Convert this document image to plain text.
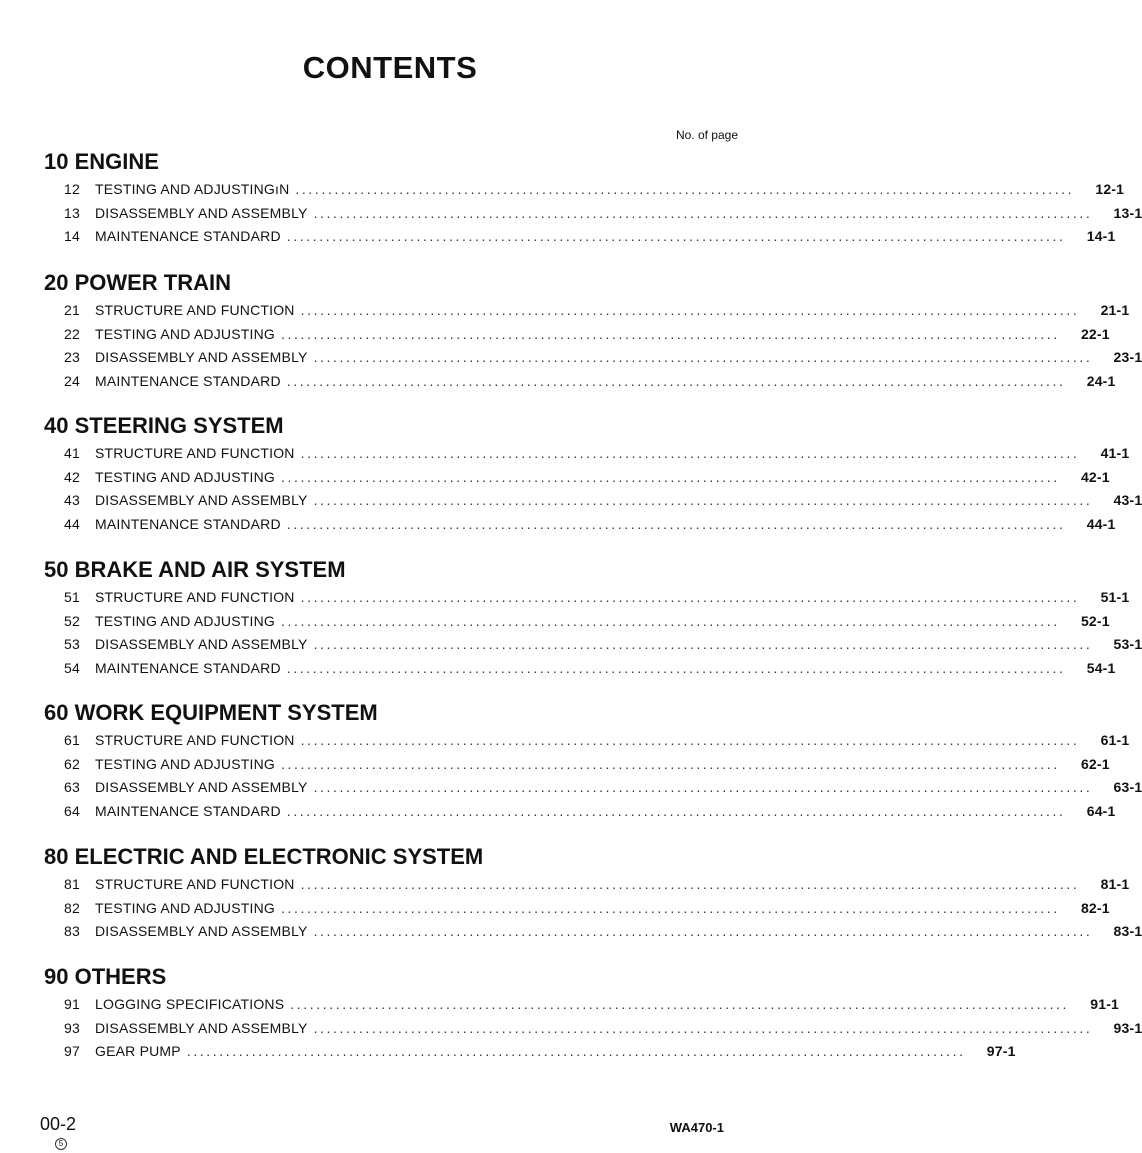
CONTENTS
No. of page
10 ENGINE
12	TESTING AND ADJUSTINGıN ........................................................................................................................	12-1
13	DISASSEMBLY AND ASSEMBLY ........................................................................................................................	13-1
14	MAINTENANCE STANDARD ........................................................................................................................	14-1
20 POWER TRAIN
21	STRUCTURE AND FUNCTION ........................................................................................................................	21-1
22	TESTING AND ADJUSTING ........................................................................................................................	22-1
23	DISASSEMBLY AND ASSEMBLY ........................................................................................................................	23-1
24	MAINTENANCE STANDARD ........................................................................................................................	24-1
40 STEERING SYSTEM
41	STRUCTURE AND FUNCTION ........................................................................................................................	41-1
42	TESTING AND ADJUSTING ........................................................................................................................	42-1
43	DISASSEMBLY AND ASSEMBLY ........................................................................................................................	43-1
44	MAINTENANCE STANDARD ........................................................................................................................	44-1
50 BRAKE AND AIR SYSTEM
51	STRUCTURE AND FUNCTION ........................................................................................................................	51-1
52	TESTING AND ADJUSTING ........................................................................................................................	52-1
53	DISASSEMBLY AND ASSEMBLY ........................................................................................................................	53-1
54	MAINTENANCE STANDARD ........................................................................................................................	54-1
60 WORK EQUIPMENT SYSTEM
61	STRUCTURE AND FUNCTION ........................................................................................................................	61-1
62	TESTING AND ADJUSTING ........................................................................................................................	62-1
63	DISASSEMBLY AND ASSEMBLY ........................................................................................................................	63-1
64	MAINTENANCE STANDARD ........................................................................................................................	64-1
80 ELECTRIC AND ELECTRONIC SYSTEM
81	STRUCTURE AND FUNCTION ........................................................................................................................	81-1
82	TESTING AND ADJUSTING ........................................................................................................................	82-1
83	DISASSEMBLY AND ASSEMBLY ........................................................................................................................	83-1
90 OTHERS
91	LOGGING SPECIFICATIONS ........................................................................................................................	91-1
93	DISASSEMBLY AND ASSEMBLY ........................................................................................................................	93-1
97	GEAR PUMP ........................................................................................................................	97-1
00-2
5
WA470-1
